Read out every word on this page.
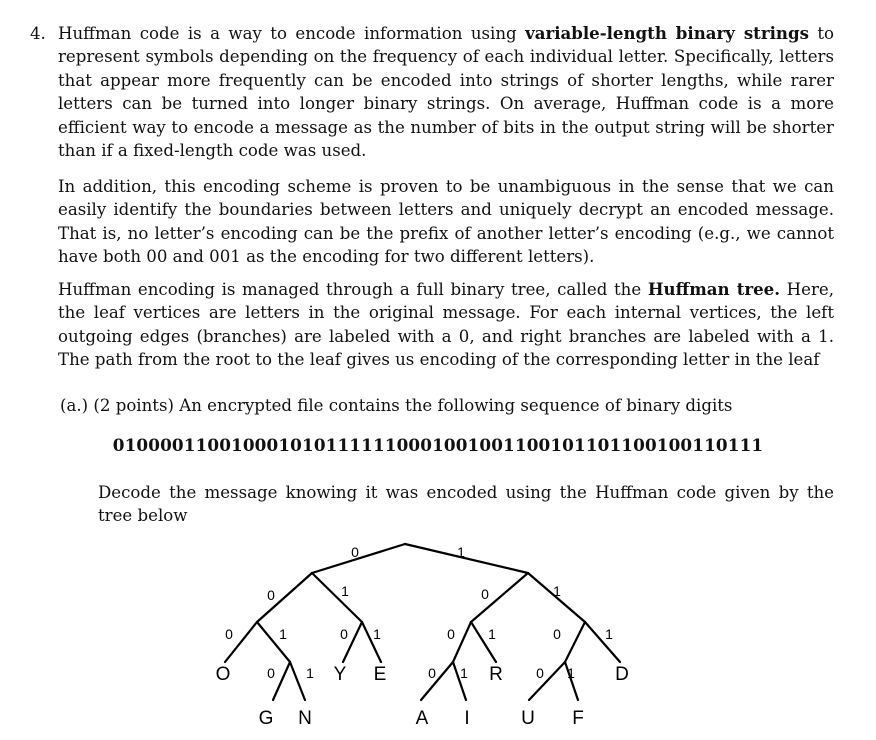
4. Huffman code is a way to encode information using variable-length binary strings to represent symbols depending on the frequency of each individual letter. Specifically, letters that appear more frequently can be encoded into strings of shorter lengths, while rarer letters can be turned into longer binary strings. On average, Huffman code is a more efficient way to encode a message as the number of bits in the output string will be shorter than if a fixed-length code was used.

In addition, this encoding scheme is proven to be unambiguous in the sense that we can easily identify the boundaries between letters and uniquely decrypt an encoded message. That is, no letter’s encoding can be the prefix of another letter’s encoding (e.g., we cannot have both 00 and 001 as the encoding for two different letters).

Huffman encoding is managed through a full binary tree, called the Huffman tree. Here, the leaf vertices are letters in the original message. For each internal vertices, the left outgoing edges (branches) are labeled with a 0, and right branches are labeled with a 1. The path from the root to the leaf gives us encoding of the corresponding letter in the leaf

(a.) (2 points) An encrypted file contains the following sequence of binary digits
0100001100100010101111110001001001100101101100100110111

Decode the message knowing it was encoded using the Huffman code given by the tree below

0	1
0	1	0	1
0	1	0 1	0 1	0	1
0 1	0 1	0 1
O	Y E	R	D
G N	A I	U F
